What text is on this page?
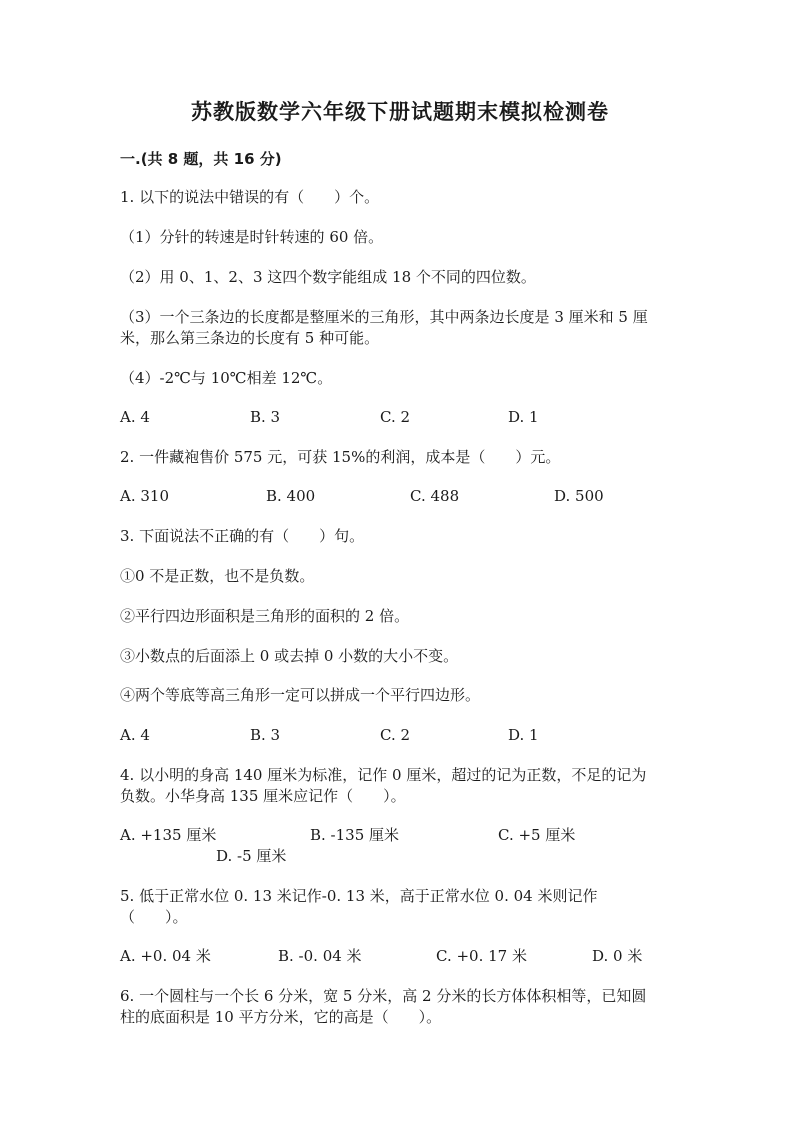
苏教版数学六年级下册试题期末模拟检测卷
一.(共 8 题，共 16 分)
1. 以下的说法中错误的有（　　）个。
（1）分针的转速是时针转速的 60 倍。
（2）用 0、1、2、3 这四个数字能组成 18 个不同的四位数。
（3）一个三条边的长度都是整厘米的三角形，其中两条边长度是 3 厘米和 5 厘
米，那么第三条边的长度有 5 种可能。
（4）-2℃与 10℃相差 12℃。
A. 4	B. 3	C. 2	D. 1
2. 一件藏袍售价 575 元，可获 15%的利润，成本是（　　）元。
A. 310	B. 400	C. 488	D. 500
3. 下面说法不正确的有（　　）句。
①0 不是正数，也不是负数。
②平行四边形面积是三角形的面积的 2 倍。
③小数点的后面添上 0 或去掉 0 小数的大小不变。
④两个等底等高三角形一定可以拼成一个平行四边形。
A. 4	B. 3	C. 2	D. 1
4. 以小明的身高 140 厘米为标准，记作 0 厘米，超过的记为正数，不足的记为
负数。小华身高 135 厘米应记作（　　）。
A. +135 厘米	B. -135 厘米	C. +5 厘米
D. -5 厘米
5. 低于正常水位 0. 13 米记作-0. 13 米，高于正常水位 0. 04 米则记作
（　　）。
A. +0. 04 米	B. -0. 04 米	C. +0. 17 米	D. 0 米
6. 一个圆柱与一个长 6 分米，宽 5 分米，高 2 分米的长方体体积相等，已知圆
柱的底面积是 10 平方分米，它的高是（　　）。
